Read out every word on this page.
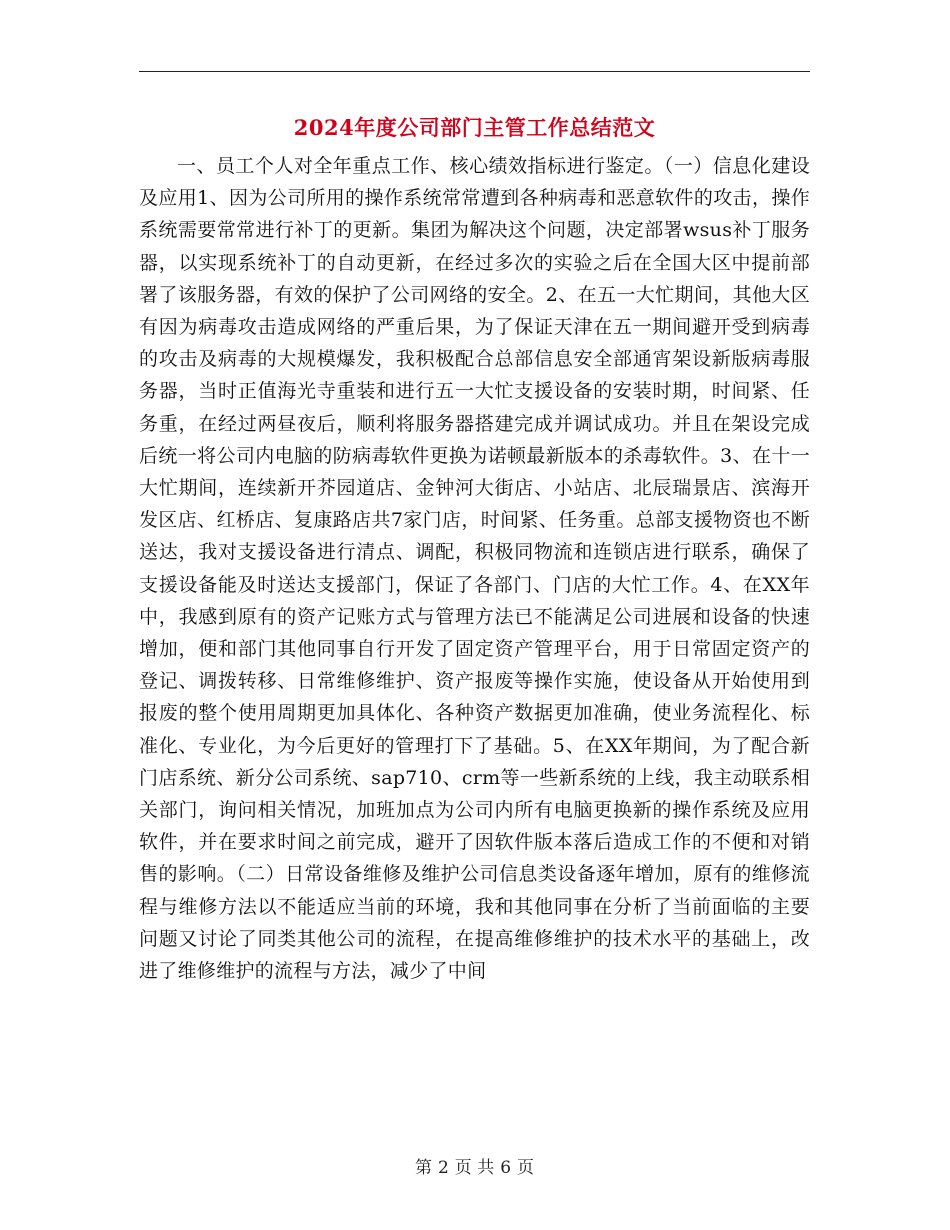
2024年度公司部门主管工作总结范文

一、员工个人对全年重点工作、核心绩效指标进行鉴定。（一）信息化建设及应用1、因为公司所用的操作系统常常遭到各种病毒和恶意软件的攻击，操作系统需要常常进行补丁的更新。集团为解决这个问题，决定部署wsus补丁服务器，以实现系统补丁的自动更新，在经过多次的实验之后在全国大区中提前部署了该服务器，有效的保护了公司网络的安全。2、在五一大忙期间，其他大区有因为病毒攻击造成网络的严重后果，为了保证天津在五一期间避开受到病毒的攻击及病毒的大规模爆发，我积极配合总部信息安全部通宵架设新版病毒服务器，当时正值海光寺重装和进行五一大忙支援设备的安装时期，时间紧、任务重，在经过两昼夜后，顺利将服务器搭建完成并调试成功。并且在架设完成后统一将公司内电脑的防病毒软件更换为诺顿最新版本的杀毒软件。3、在十一大忙期间，连续新开芥园道店、金钟河大街店、小站店、北辰瑞景店、滨海开发区店、红桥店、复康路店共7家门店，时间紧、任务重。总部支援物资也不断送达，我对支援设备进行清点、调配，积极同物流和连锁店进行联系，确保了支援设备能及时送达支援部门，保证了各部门、门店的大忙工作。4、在XX年中，我感到原有的资产记账方式与管理方法已不能满足公司进展和设备的快速增加，便和部门其他同事自行开发了固定资产管理平台，用于日常固定资产的登记、调拨转移、日常维修维护、资产报废等操作实施，使设备从开始使用到报废的整个使用周期更加具体化、各种资产数据更加准确，使业务流程化、标准化、专业化，为今后更好的管理打下了基础。5、在XX年期间，为了配合新门店系统、新分公司系统、sap710、crm等一些新系统的上线，我主动联系相关部门，询问相关情况，加班加点为公司内所有电脑更换新的操作系统及应用软件，并在要求时间之前完成，避开了因软件版本落后造成工作的不便和对销售的影响。（二）日常设备维修及维护公司信息类设备逐年增加，原有的维修流程与维修方法以不能适应当前的环境，我和其他同事在分析了当前面临的主要问题又讨论了同类其他公司的流程，在提高维修维护的技术水平的基础上，改进了维修维护的流程与方法，减少了中间

第 2 页 共 6 页
